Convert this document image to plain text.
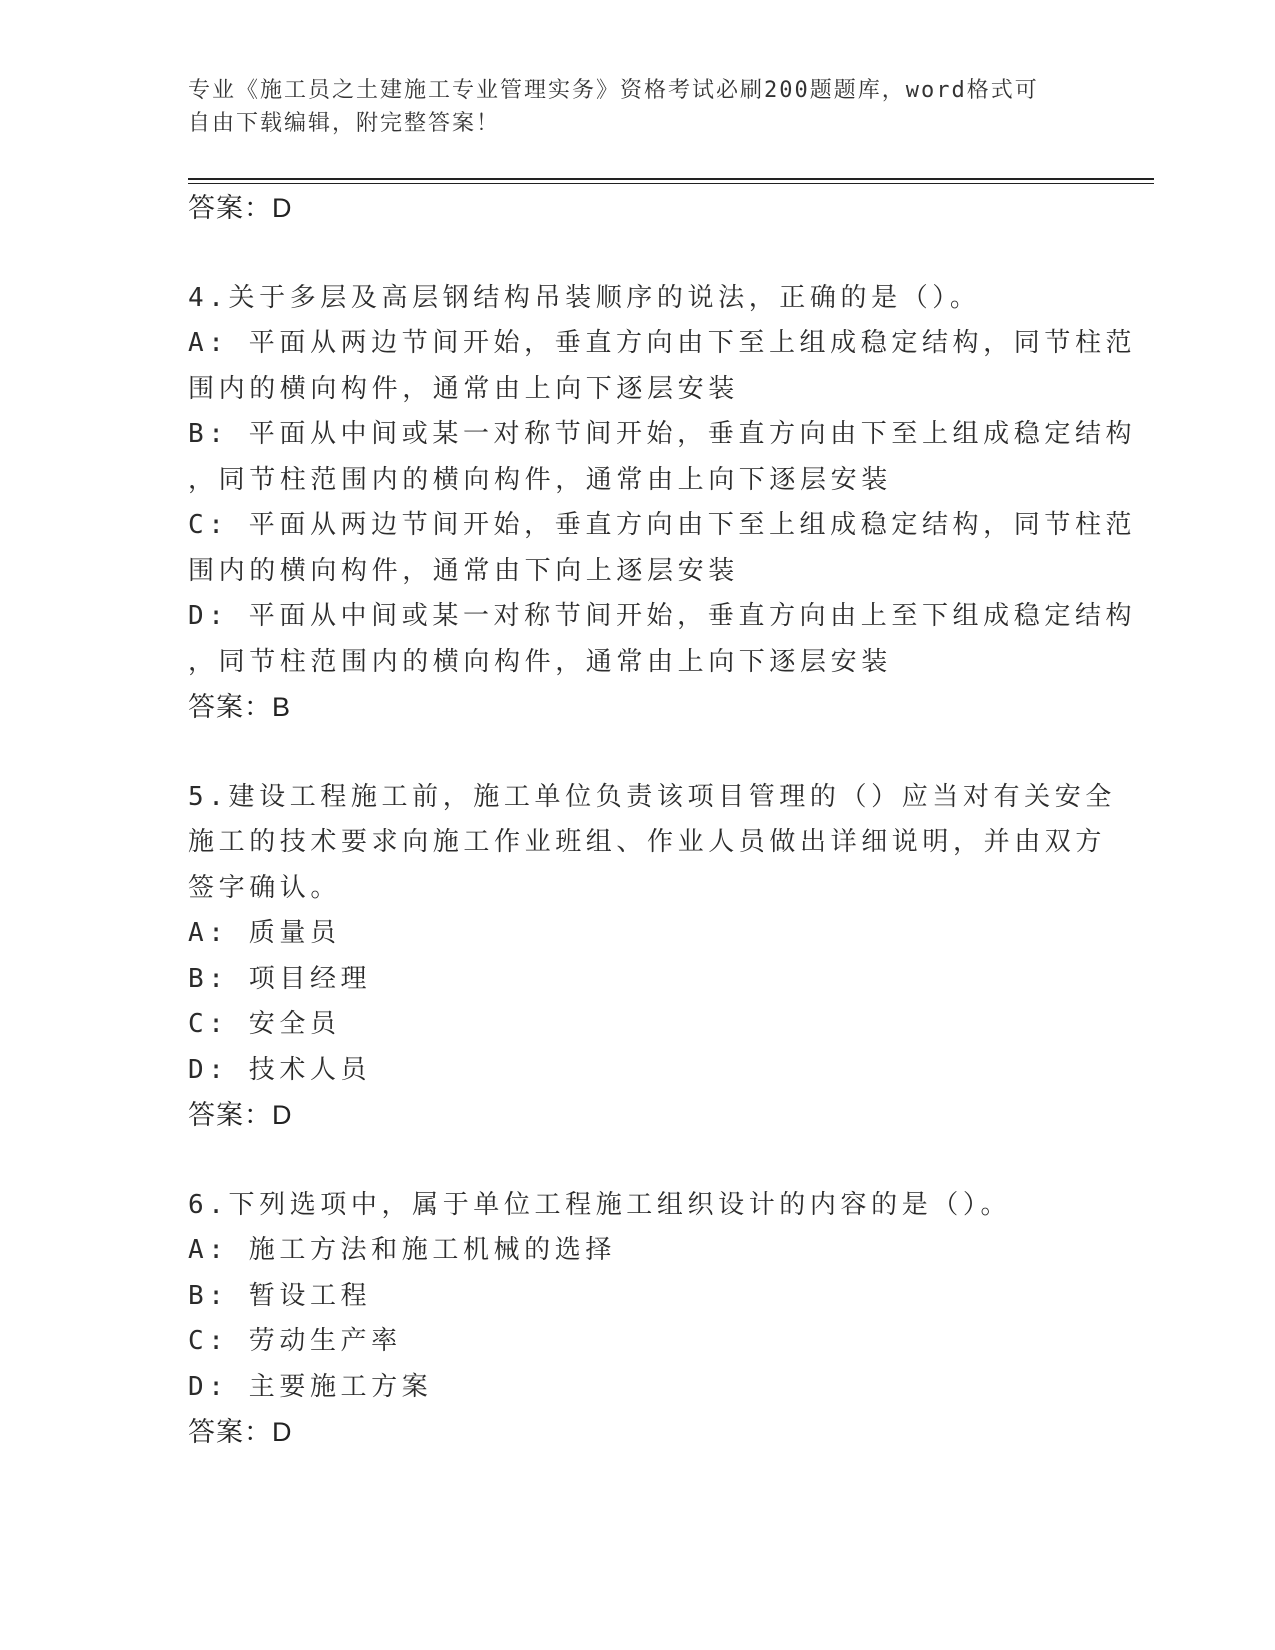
专业《施工员之土建施工专业管理实务》资格考试必刷200题题库，word格式可
自由下载编辑，附完整答案！
答案：D
4.关于多层及高层钢结构吊装顺序的说法，正确的是（）。
A: 平面从两边节间开始，垂直方向由下至上组成稳定结构，同节柱范
围内的横向构件，通常由上向下逐层安装
B: 平面从中间或某一对称节间开始，垂直方向由下至上组成稳定结构
，同节柱范围内的横向构件，通常由上向下逐层安装
C: 平面从两边节间开始，垂直方向由下至上组成稳定结构，同节柱范
围内的横向构件，通常由下向上逐层安装
D: 平面从中间或某一对称节间开始，垂直方向由上至下组成稳定结构
，同节柱范围内的横向构件，通常由上向下逐层安装
答案：B
5.建设工程施工前，施工单位负责该项目管理的（）应当对有关安全
施工的技术要求向施工作业班组、作业人员做出详细说明，并由双方
签字确认。
A: 质量员
B: 项目经理
C: 安全员
D: 技术人员
答案：D
6.下列选项中，属于单位工程施工组织设计的内容的是（）。
A: 施工方法和施工机械的选择
B: 暂设工程
C: 劳动生产率
D: 主要施工方案
答案：D
